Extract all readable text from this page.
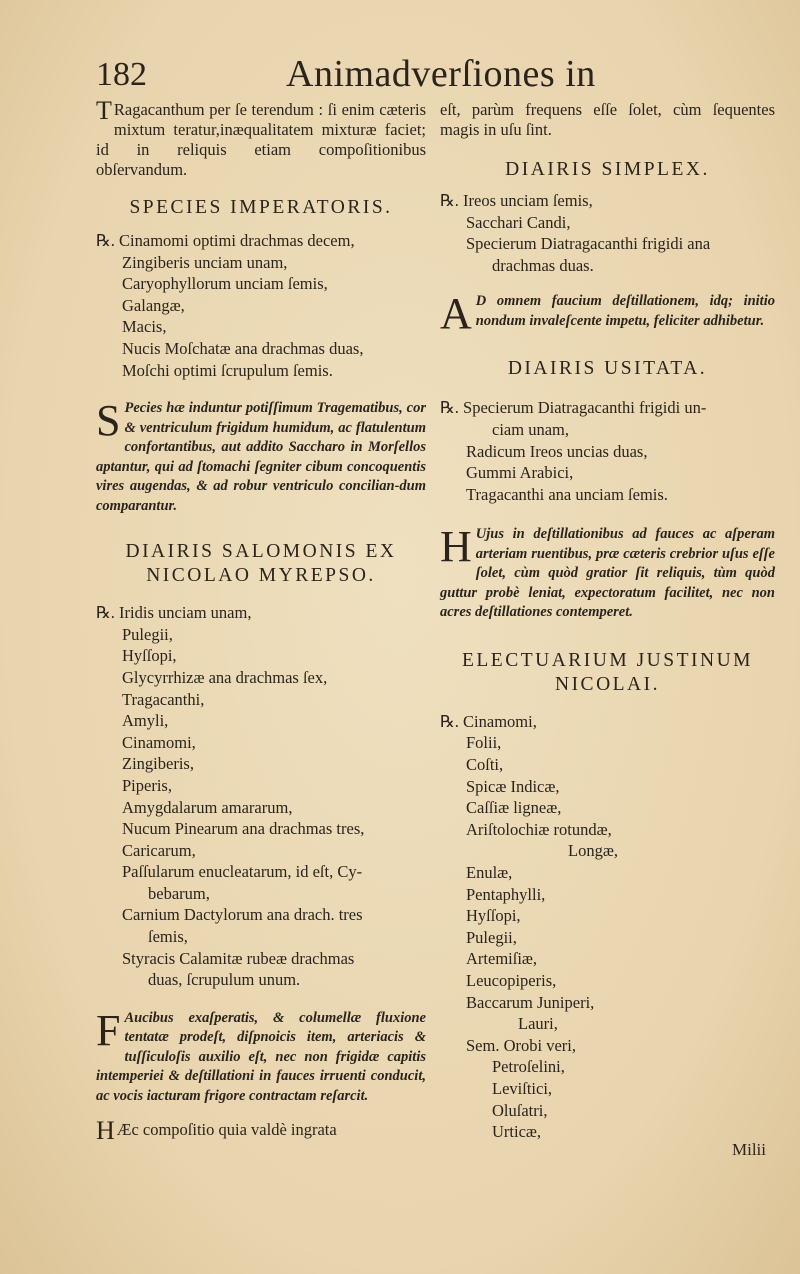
182	Animadverſiones in

T Ragacanthum per ſe terendum : ſi enim cæteris mixtum teratur,inæqualitatem mixturæ faciet; id in reliquis etiam compoſitionibus obſervandum.

SPECIES IMPERATORIS.
℞. Cinamomi optimi drachmas decem,
Zingiberis unciam unam,
Caryophyllorum unciam ſemis,
Galangæ,
Macis,
Nucis Moſchatæ ana drachmas duas,
Moſchi optimi ſcrupulum ſemis.

S Pecies hæ induntur potiſſimum Tragematibus, cor & ventriculum frigidum humidum, ac flatulentum confortantibus, aut addito Saccharo in Morſellos aptantur, qui ad ſtomachi ſegniter cibum concoquentis vires augendas, & ad robur ventriculo concilian-dum comparantur.

DIAIRIS SALOMONIS EX
NICOLAO MYREPSO.
℞. Iridis unciam unam,
Pulegii,
Hyſſopi,
Glycyrrhizæ ana drachmas ſex,
Tragacanthi,
Amyli,
Cinamomi,
Zingiberis,
Piperis,
Amygdalarum amararum,
Nucum Pinearum ana drachmas tres,
Caricarum,
Paſſularum enucleatarum, id eſt, Cy-
bebarum,
Carnium Dactylorum ana drach. tres
ſemis,
Styracis Calamitæ rubeæ drachmas
duas, ſcrupulum unum.

F Aucibus exaſperatis, & columellæ fluxione tentatæ prodeſt, diſpnoicis item, arteriacis & tuſſiculoſis auxilio eſt, nec non frigidæ capitis intemperiei & deſtillationi in fauces irruenti conducit, ac vocis iacturam frigore contractam reſarcit.

H Æc compoſitio quia valdè ingrata

eſt, parùm frequens eſſe ſolet, cùm ſequentes magis in uſu ſint.

DIAIRIS SIMPLEX.
℞. Ireos unciam ſemis,
Sacchari Candi,
Specierum Diatragacanthi frigidi ana
drachmas duas.

A D omnem faucium deſtillationem, idq; initio nondum invaleſcente impetu, feliciter adhibetur.

DIAIRIS USITATA.
℞. Specierum Diatragacanthi frigidi un-
ciam unam,
Radicum Ireos uncias duas,
Gummi Arabici,
Tragacanthi ana unciam ſemis.

H Ujus in deſtillationibus ad fauces ac aſperam arteriam ruentibus, præ cæteris crebrior uſus eſſe ſolet, cùm quòd gratior ſit reliquis, tùm quòd guttur probè leniat, expectoratum facilitet, nec non acres deſtillationes contemperet.

ELECTUARIUM JUSTINUM
NICOLAI.
℞. Cinamomi,
Folii,
Coſti,
Spicæ Indicæ,
Caſſiæ ligneæ,
Ariſtolochiæ rotundæ,
Longæ,
Enulæ,
Pentaphylli,
Hyſſopi,
Pulegii,
Artemiſiæ,
Leucopiperis,
Baccarum Juniperi,
Lauri,
Sem. Orobi veri,
Petroſelini,
Leviſtici,
Oluſatri,
Urticæ,
Milii
